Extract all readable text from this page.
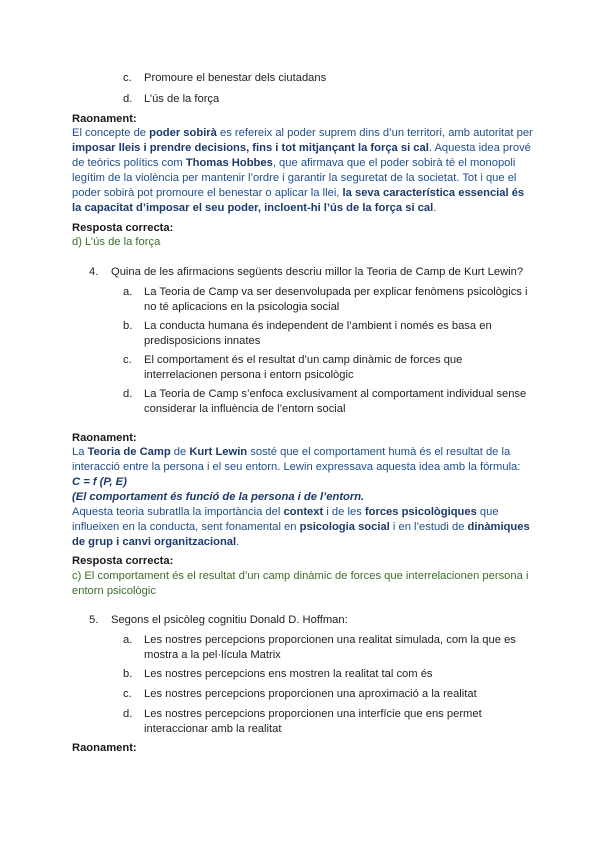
c.	Promoure el benestar dels ciutadans
d.	L’ús de la força
Raonament:
El concepte de poder sobirà es refereix al poder suprem dins d’un territori, amb autoritat per imposar lleis i prendre decisions, fins i tot mitjançant la força si cal. Aquesta idea prové de teòrics polítics com Thomas Hobbes, que afirmava que el poder sobirà té el monopoli legítim de la violència per mantenir l’ordre i garantir la seguretat de la societat. Tot i que el poder sobirà pot promoure el benestar o aplicar la llei, la seva característica essencial és la capacitat d’imposar el seu poder, incloent-hi l’ús de la força si cal.
Resposta correcta:
d) L’ús de la força
4. Quina de les afirmacions següents descriu millor la Teoria de Camp de Kurt Lewin?
a.	La Teoria de Camp va ser desenvolupada per explicar fenòmens psicològics i no té aplicacions en la psicologia social
b.	La conducta humana és independent de l’ambient i només es basa en predisposicions innates
c.	El comportament és el resultat d’un camp dinàmic de forces que interrelacionen persona i entorn psicològic
d.	La Teoria de Camp s’enfoca exclusivament al comportament individual sense considerar la influència de l’entorn social
Raonament:
La Teoria de Camp de Kurt Lewin sosté que el comportament humà és el resultat de la interacció entre la persona i el seu entorn. Lewin expressava aquesta idea amb la fórmula:
C = f (P, E)
(El comportament és funció de la persona i de l’entorn.
Aquesta teoria subratlla la importància del context i de les forces psicològiques que influeixen en la conducta, sent fonamental en psicologia social i en l’estudi de dinàmiques de grup i canvi organitzacional.
Resposta correcta:
c) El comportament és el resultat d’un camp dinàmic de forces que interrelacionen persona i entorn psicològic
5. Segons el psicòleg cognitiu Donald D. Hoffman:
a.	Les nostres percepcions proporcionen una realitat simulada, com la que es mostra a la pel·lícula Matrix
b.	Les nostres percepcions ens mostren la realitat tal com és
c.	Les nostres percepcions proporcionen una aproximació a la realitat
d.	Les nostres percepcions proporcionen una interfície que ens permet interaccionar amb la realitat
Raonament:
